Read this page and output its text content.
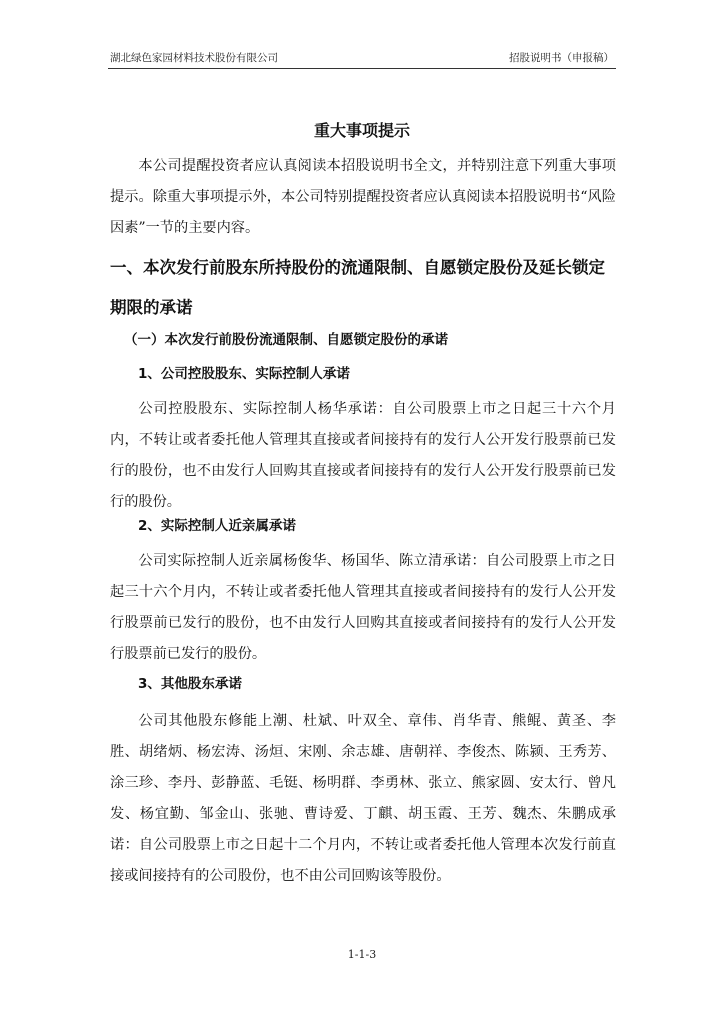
湖北绿色家园材料技术股份有限公司	招股说明书（申报稿）
重大事项提示

本公司提醒投资者应认真阅读本招股说明书全文，并特别注意下列重大事项提示。除重大事项提示外，本公司特别提醒投资者应认真阅读本招股说明书“风险因素”一节的主要内容。

一、本次发行前股东所持股份的流通限制、自愿锁定股份及延长锁定期限的承诺
（一）本次发行前股份流通限制、自愿锁定股份的承诺
1、公司控股股东、实际控制人承诺

公司控股股东、实际控制人杨华承诺：自公司股票上市之日起三十六个月内，不转让或者委托他人管理其直接或者间接持有的发行人公开发行股票前已发行的股份，也不由发行人回购其直接或者间接持有的发行人公开发行股票前已发行的股份。

2、实际控制人近亲属承诺

公司实际控制人近亲属杨俊华、杨国华、陈立清承诺：自公司股票上市之日起三十六个月内，不转让或者委托他人管理其直接或者间接持有的发行人公开发行股票前已发行的股份，也不由发行人回购其直接或者间接持有的发行人公开发行股票前已发行的股份。

3、其他股东承诺

公司其他股东修能上潮、杜斌、叶双全、章伟、肖华青、熊鲲、黄圣、李胜、胡绪炳、杨宏涛、汤烜、宋刚、余志雄、唐朝祥、李俊杰、陈颍、王秀芳、涂三珍、李丹、彭静蓝、毛铤、杨明群、李勇林、张立、熊家圆、安太行、曾凡发、杨宜勤、邹金山、张驰、曹诗爱、丁麒、胡玉霞、王芳、魏杰、朱鹏成承诺：自公司股票上市之日起十二个月内，不转让或者委托他人管理本次发行前直接或间接持有的公司股份，也不由公司回购该等股份。

1-1-3
